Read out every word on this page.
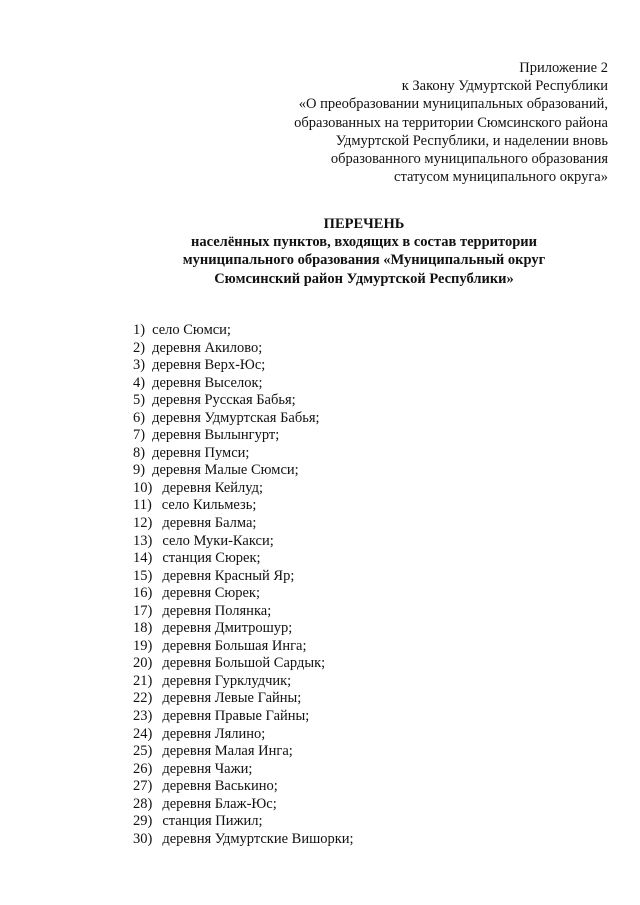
Приложение 2
к Закону Удмуртской Республики
«О преобразовании муниципальных образований,
образованных на территории Сюмсинского района
Удмуртской Республики, и наделении вновь
образованного муниципального образования
статусом муниципального округа»
ПЕРЕЧЕНЬ
населённых пунктов, входящих в состав территории
муниципального образования «Муниципальный округ
Сюмсинский район Удмуртской Республики»
1) село Сюмси;
2) деревня Акилово;
3) деревня Верх-Юс;
4) деревня Выселок;
5) деревня Русская Бабья;
6) деревня Удмуртская Бабья;
7) деревня Вылынгурт;
8) деревня Пумси;
9) деревня Малые Сюмси;
10) деревня Кейлуд;
11) село Кильмезь;
12) деревня Балма;
13) село Муки-Какси;
14) станция Сюрек;
15) деревня Красный Яр;
16) деревня Сюрек;
17) деревня Полянка;
18) деревня Дмитрошур;
19) деревня Большая Инга;
20) деревня Большой Сардык;
21) деревня Гурклудчик;
22) деревня Левые Гайны;
23) деревня Правые Гайны;
24) деревня Лялино;
25) деревня Малая Инга;
26) деревня Чажи;
27) деревня Васькино;
28) деревня Блаж-Юс;
29) станция Пижил;
30) деревня Удмуртские Вишорки;
